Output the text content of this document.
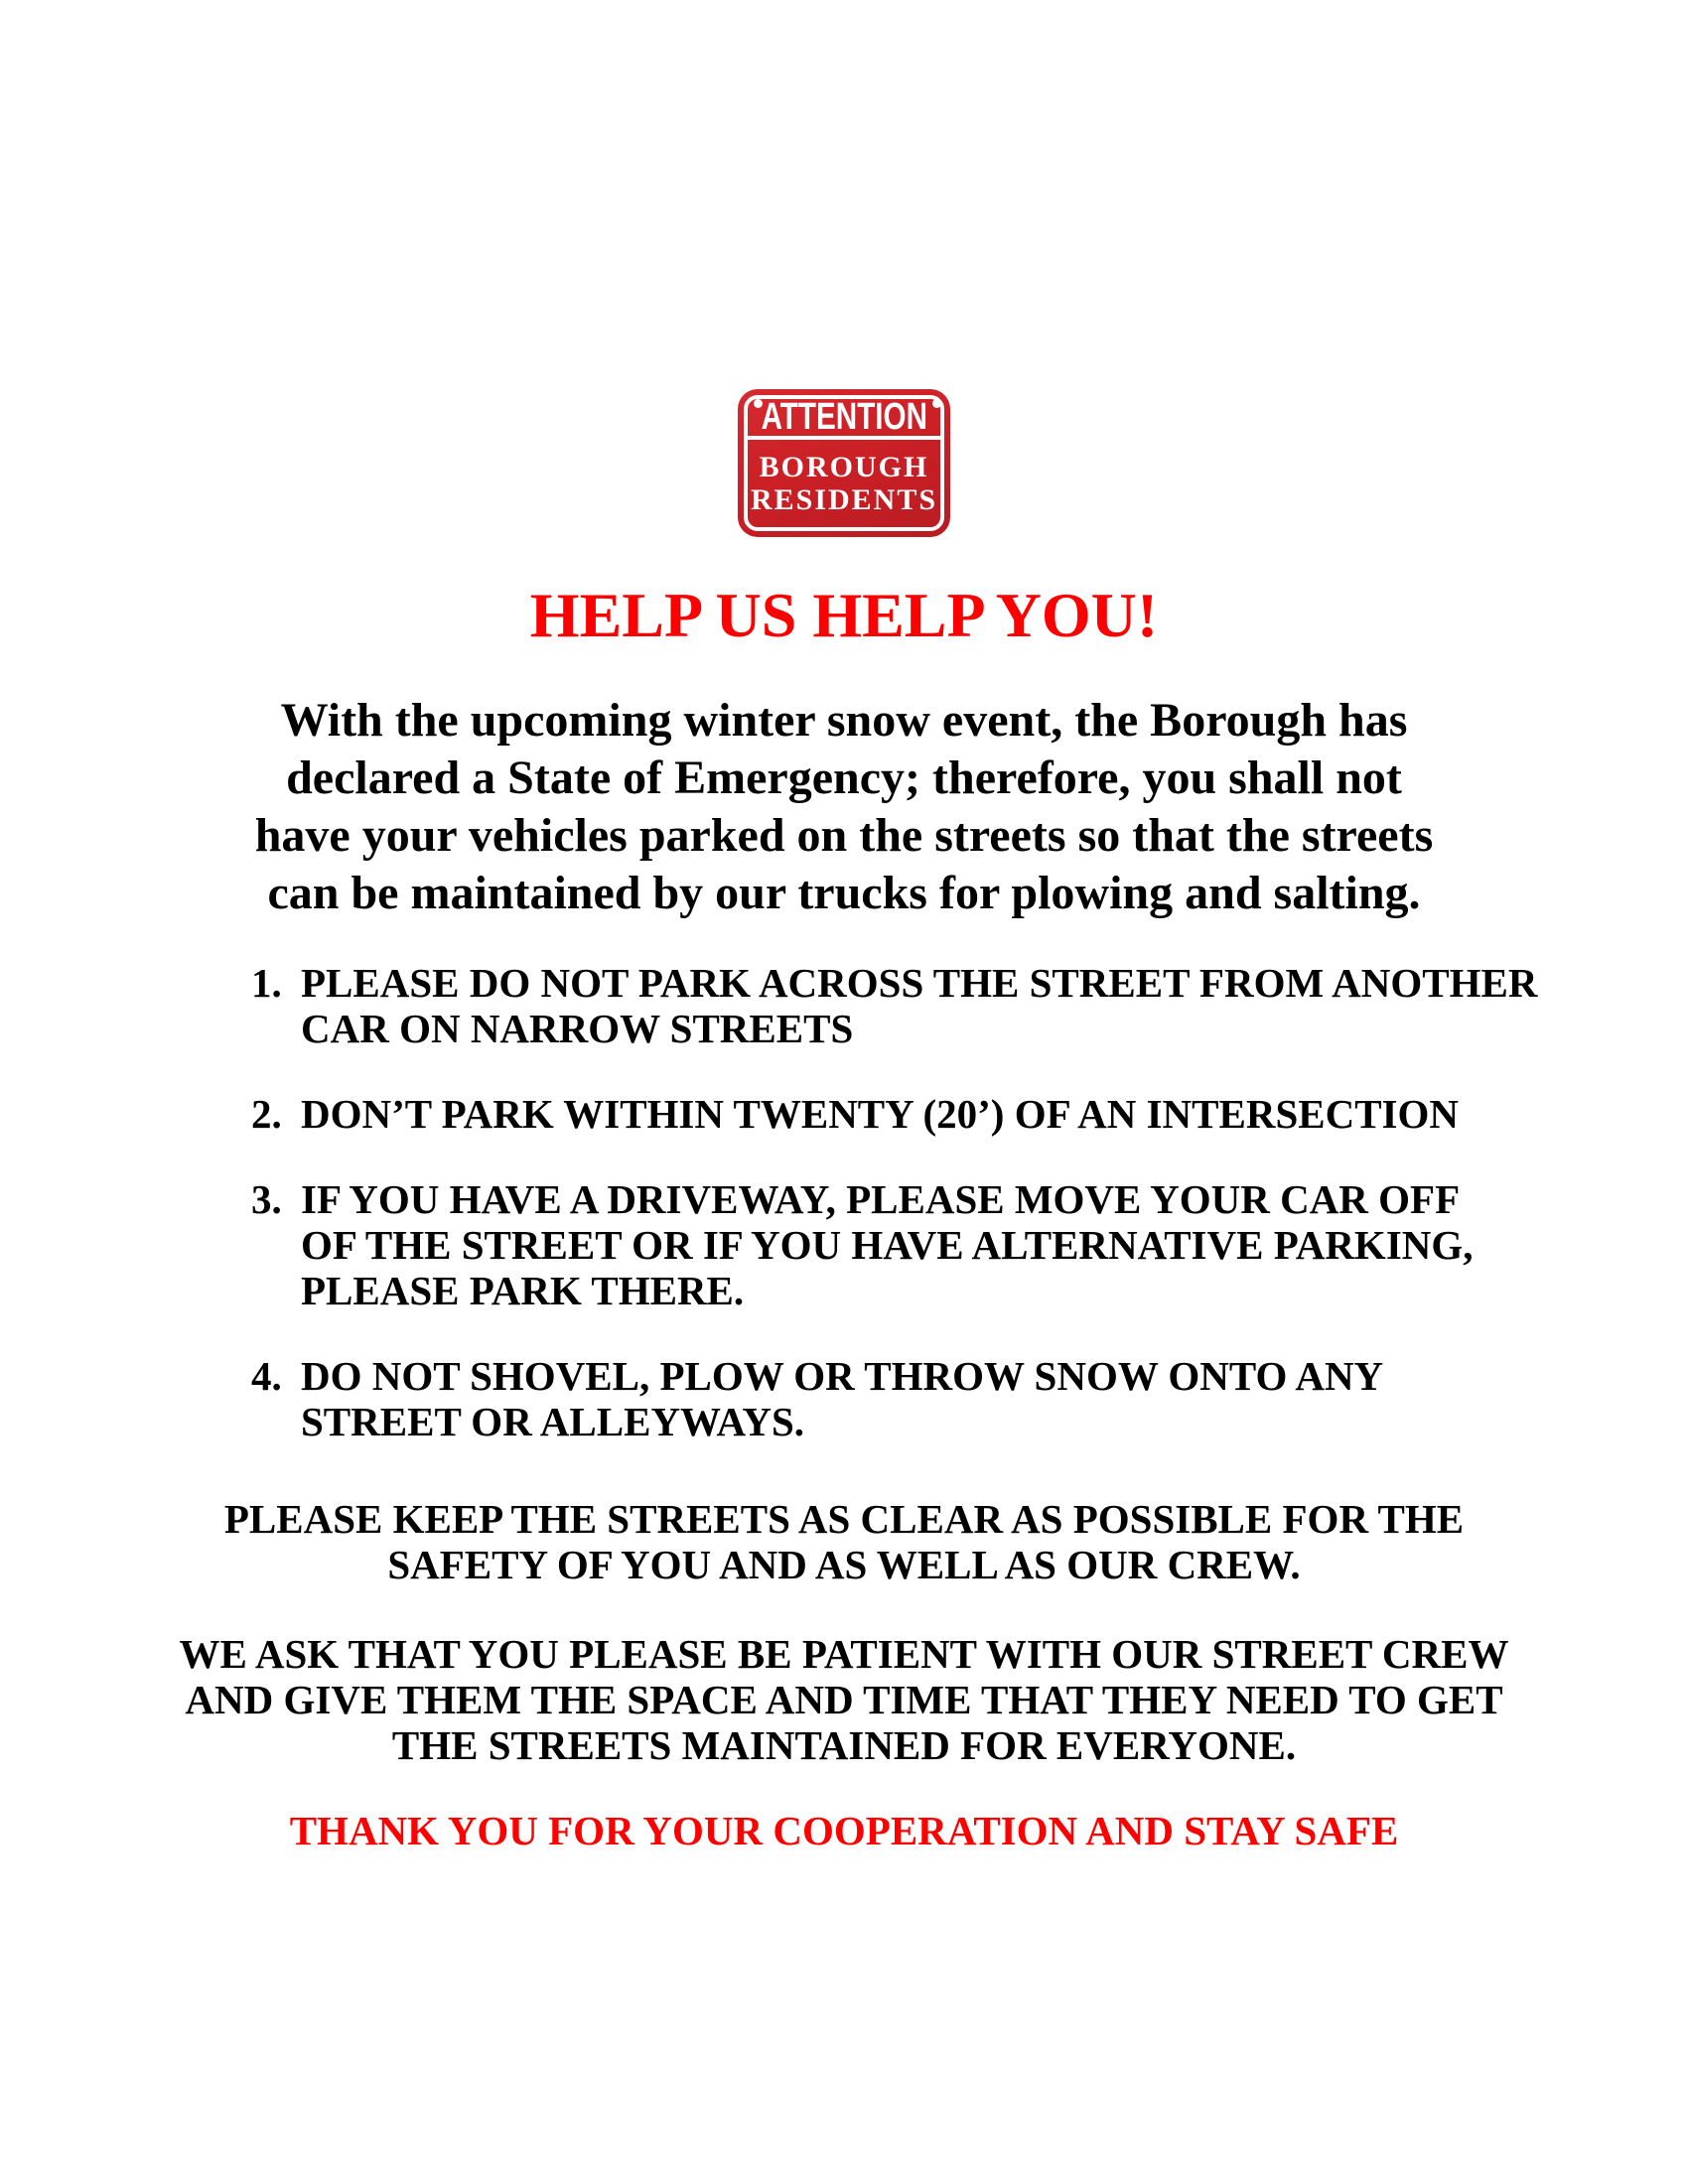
ATTENTION
BOROUGH
RESIDENTS
HELP US HELP YOU!
With the upcoming winter snow event, the Borough has
declared a State of Emergency; therefore, you shall not
have your vehicles parked on the streets so that the streets
can be maintained by our trucks for plowing and salting.
1. PLEASE DO NOT PARK ACROSS THE STREET FROM ANOTHER
CAR ON NARROW STREETS
2. DON’T PARK WITHIN TWENTY (20’) OF AN INTERSECTION
3. IF YOU HAVE A DRIVEWAY, PLEASE MOVE YOUR CAR OFF
OF THE STREET OR IF YOU HAVE ALTERNATIVE PARKING,
PLEASE PARK THERE.
4. DO NOT SHOVEL, PLOW OR THROW SNOW ONTO ANY
STREET OR ALLEYWAYS.
PLEASE KEEP THE STREETS AS CLEAR AS POSSIBLE FOR THE
SAFETY OF YOU AND AS WELL AS OUR CREW.
WE ASK THAT YOU PLEASE BE PATIENT WITH OUR STREET CREW
AND GIVE THEM THE SPACE AND TIME THAT THEY NEED TO GET
THE STREETS MAINTAINED FOR EVERYONE.
THANK YOU FOR YOUR COOPERATION AND STAY SAFE
